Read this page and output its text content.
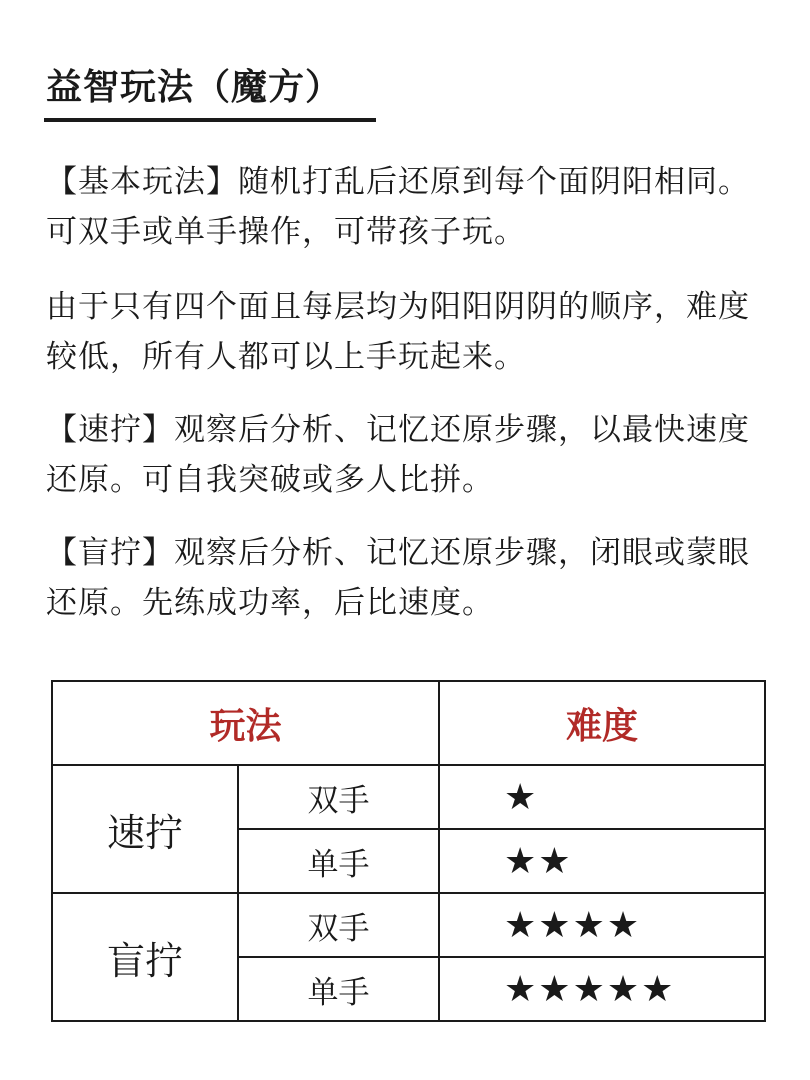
益智玩法（魔方）

【基本玩法】随机打乱后还原到每个面阴阳相同。可双手或单手操作，可带孩子玩。

由于只有四个面且每层均为阳阳阴阴的顺序，难度较低，所有人都可以上手玩起来。

【速拧】观察后分析、记忆还原步骤，以最快速度还原。可自我突破或多人比拼。

【盲拧】观察后分析、记忆还原步骤，闭眼或蒙眼还原。先练成功率，后比速度。

玩法		难度
速拧	双手	★
	单手	★★
盲拧	双手	★★★★
	单手	★★★★★
